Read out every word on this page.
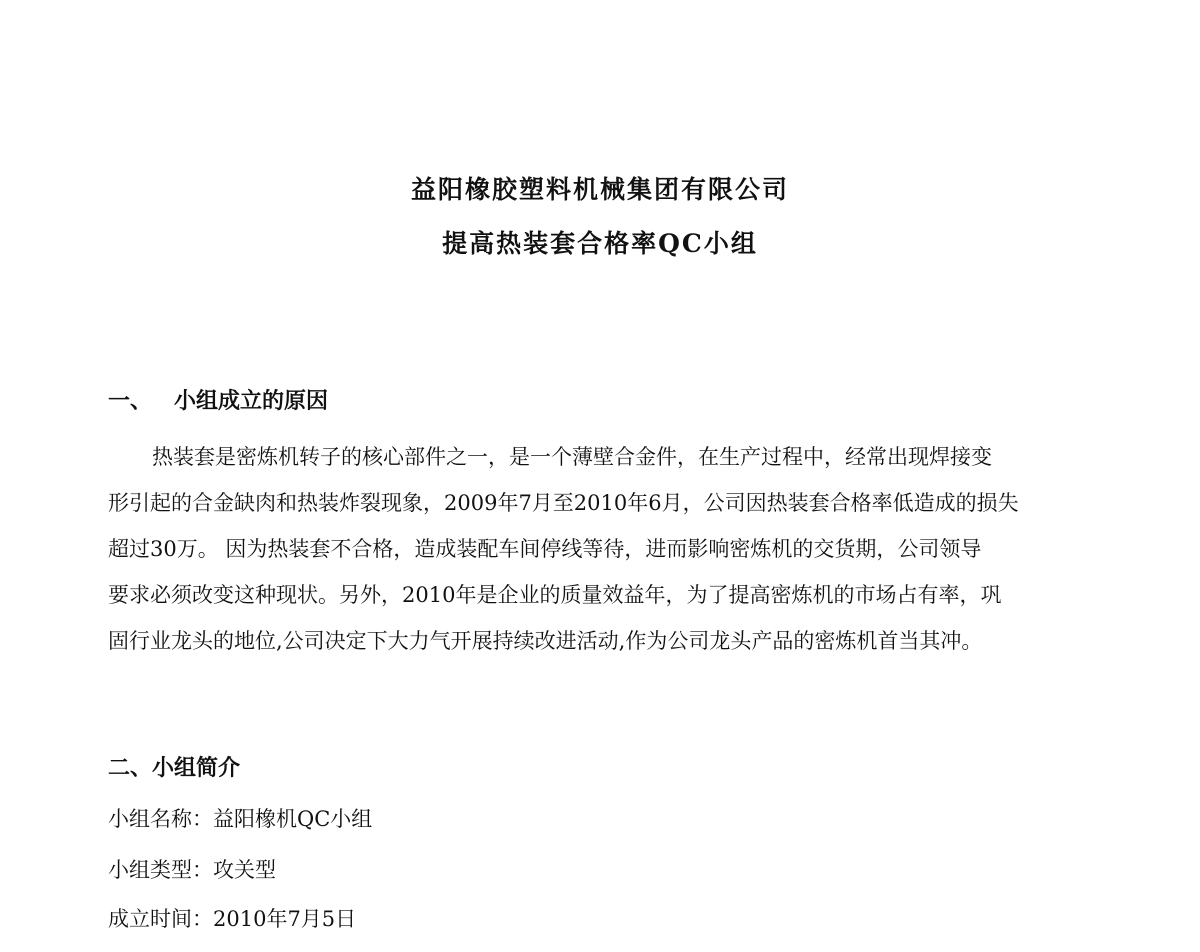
益阳橡胶塑料机械集团有限公司
提高热装套合格率QC小组
一、 小组成立的原因

热装套是密炼机转子的核心部件之一，是一个薄壁合金件，在生产过程中，经常出现焊接变
形引起的合金缺肉和热装炸裂现象，2009年7月至2010年6月，公司因热装套合格率低造成的损失
超过30万。 因为热装套不合格，造成装配车间停线等待，进而影响密炼机的交货期，公司领导
要求必须改变这种现状。另外，2010年是企业的质量效益年，为了提高密炼机的市场占有率，巩
固行业龙头的地位,公司决定下大力气开展持续改进活动,作为公司龙头产品的密炼机首当其冲。

二、小组简介

小组名称：益阳橡机QC小组

小组类型：攻关型

成立时间：2010年7月5日
